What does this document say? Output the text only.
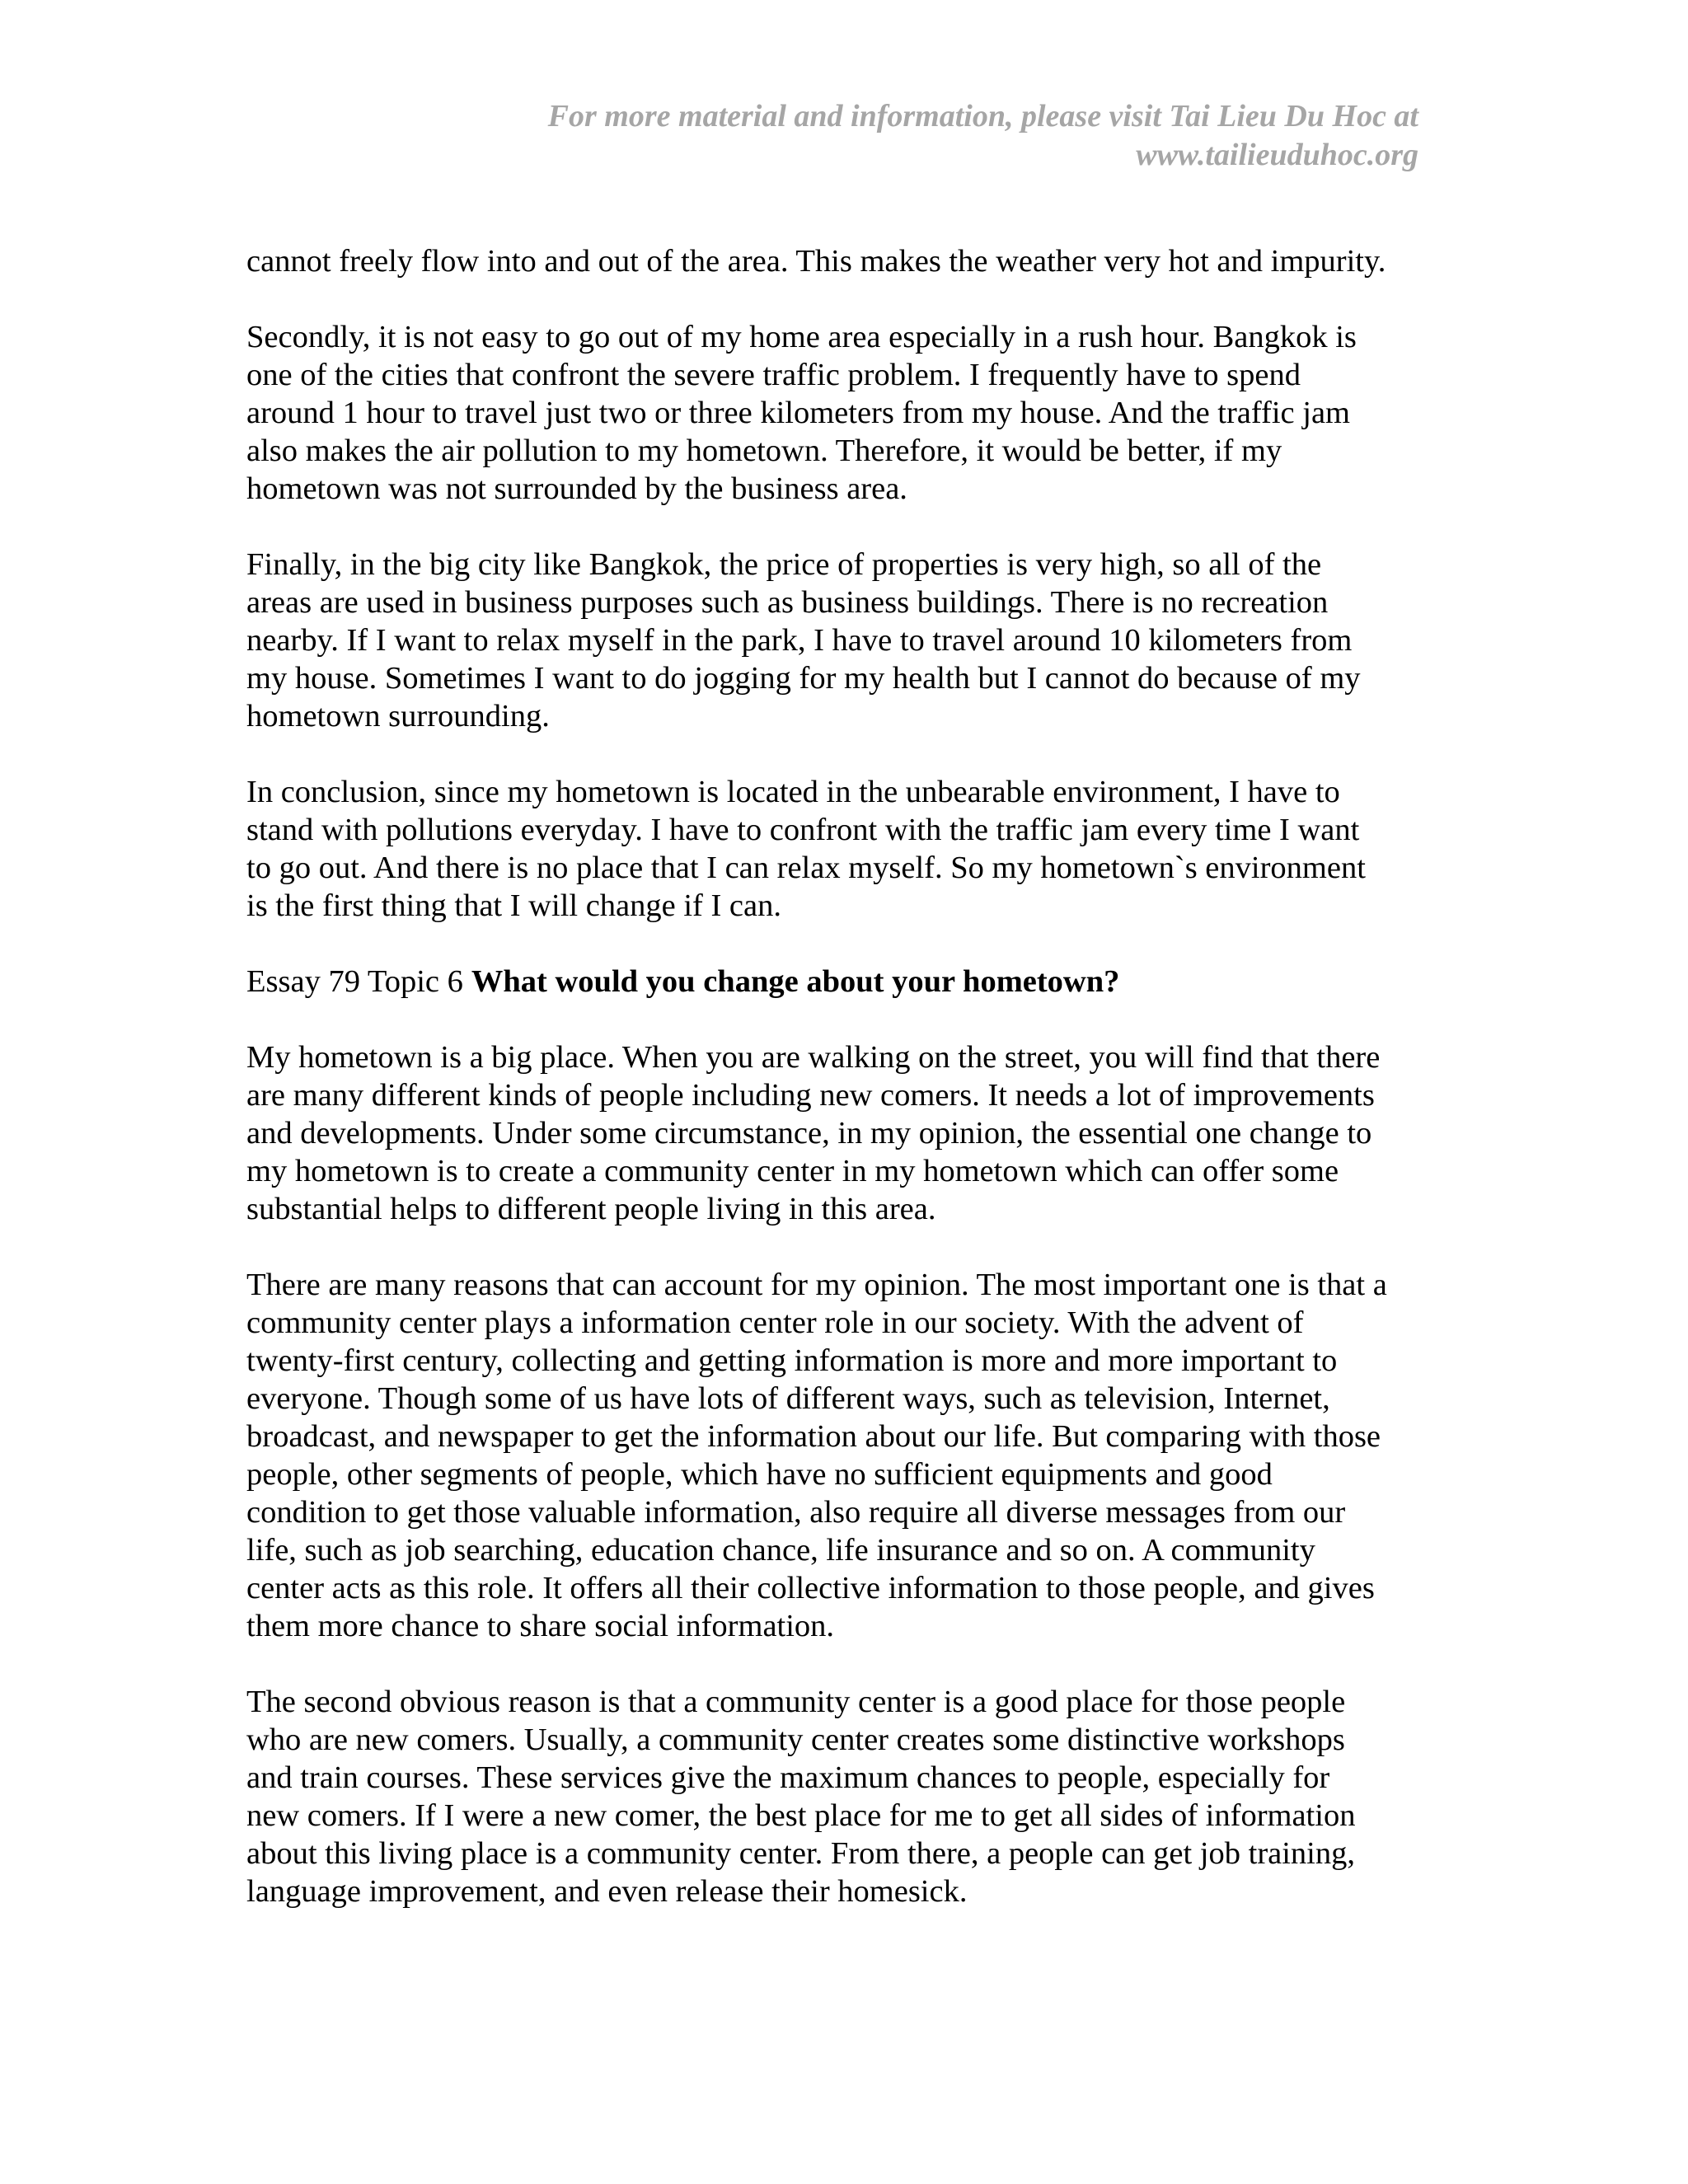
For more material and information, please visit Tai Lieu Du Hoc at
www.tailieuduhoc.org
cannot freely flow into and out of the area. This makes the weather very hot and impurity.
Secondly, it is not easy to go out of my home area especially in a rush hour. Bangkok is
one of the cities that confront the severe traffic problem. I frequently have to spend
around 1 hour to travel just two or three kilometers from my house. And the traffic jam
also makes the air pollution to my hometown. Therefore, it would be better, if my
hometown was not surrounded by the business area.
Finally, in the big city like Bangkok, the price of properties is very high, so all of the
areas are used in business purposes such as business buildings. There is no recreation
nearby. If I want to relax myself in the park, I have to travel around 10 kilometers from
my house. Sometimes I want to do jogging for my health but I cannot do because of my
hometown surrounding.
In conclusion, since my hometown is located in the unbearable environment, I have to
stand with pollutions everyday. I have to confront with the traffic jam every time I want
to go out. And there is no place that I can relax myself. So my hometown`s environment
is the first thing that I will change if I can.
Essay 79 Topic 6 What would you change about your hometown?
My hometown is a big place. When you are walking on the street, you will find that there
are many different kinds of people including new comers. It needs a lot of improvements
and developments. Under some circumstance, in my opinion, the essential one change to
my hometown is to create a community center in my hometown which can offer some
substantial helps to different people living in this area.
There are many reasons that can account for my opinion. The most important one is that a
community center plays a information center role in our society. With the advent of
twenty-first century, collecting and getting information is more and more important to
everyone. Though some of us have lots of different ways, such as television, Internet,
broadcast, and newspaper to get the information about our life. But comparing with those
people, other segments of people, which have no sufficient equipments and good
condition to get those valuable information, also require all diverse messages from our
life, such as job searching, education chance, life insurance and so on. A community
center acts as this role. It offers all their collective information to those people, and gives
them more chance to share social information.
The second obvious reason is that a community center is a good place for those people
who are new comers. Usually, a community center creates some distinctive workshops
and train courses. These services give the maximum chances to people, especially for
new comers. If I were a new comer, the best place for me to get all sides of information
about this living place is a community center. From there, a people can get job training,
language improvement, and even release their homesick.
